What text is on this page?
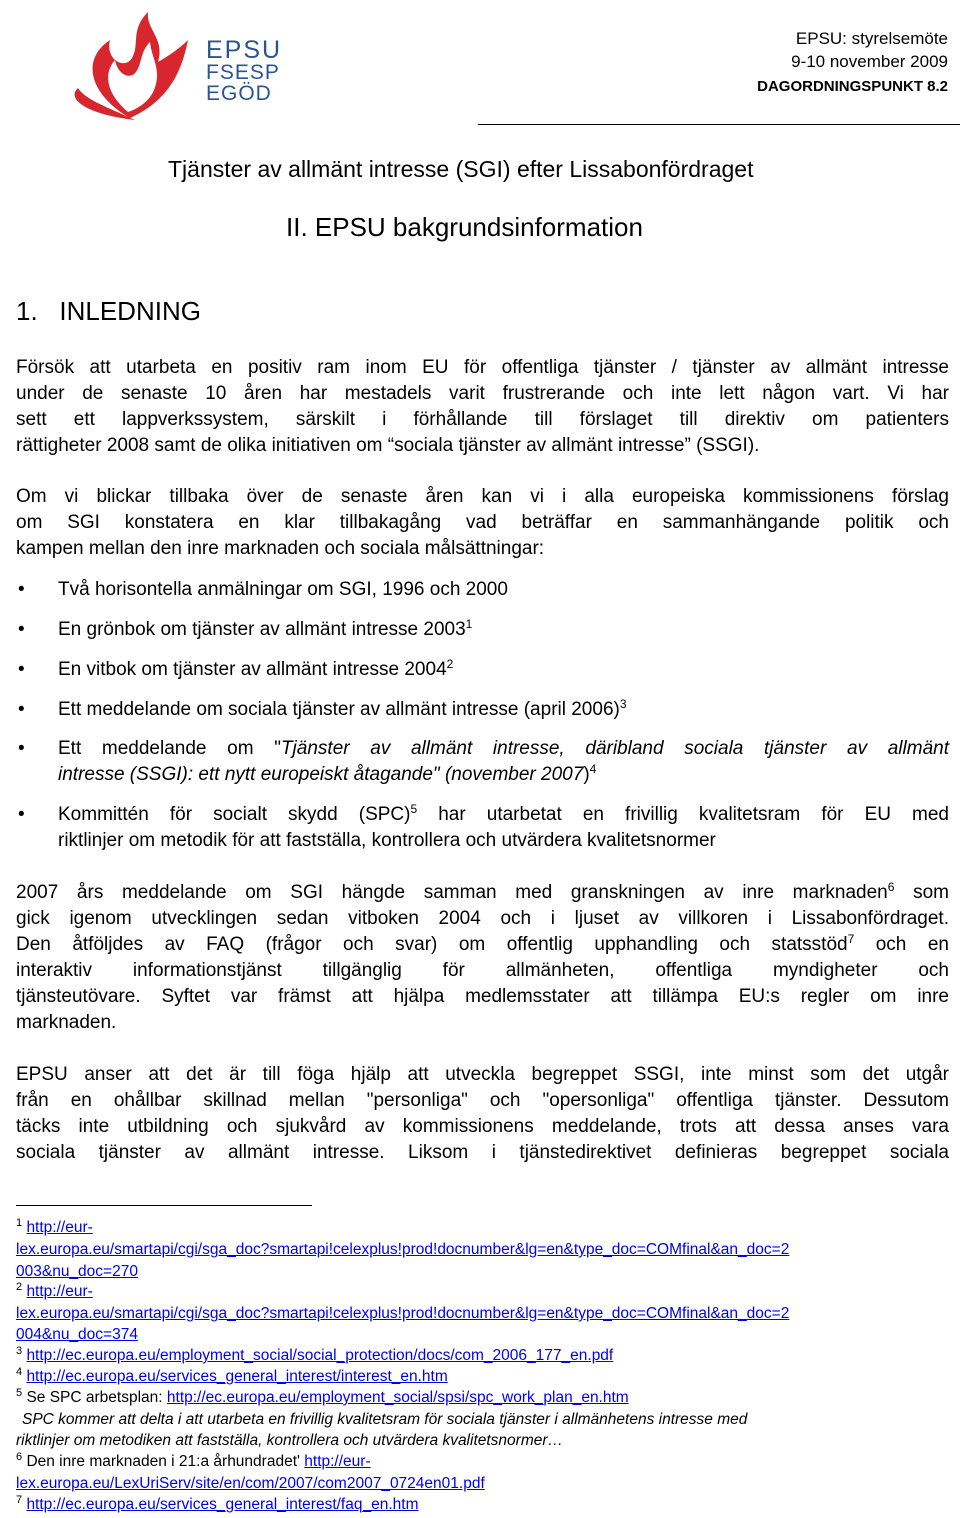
EPSU
FSESP
EGÖD
EPSU: styrelsemöte
9-10 november 2009
DAGORDNINGSPUNKT 8.2
Tjänster av allmänt intresse (SGI) efter Lissabonfördraget
II. EPSU bakgrundsinformation
1. INLEDNING

Försök att utarbeta en positiv ram inom EU för offentliga tjänster / tjänster av allmänt intresse

under de senaste 10 åren har mestadels varit frustrerande och inte lett någon vart. Vi har

sett ett lappverkssystem, särskilt i förhållande till förslaget till direktiv om patienters

rättigheter 2008 samt de olika initiativen om “sociala tjänster av allmänt intresse” (SSGI).

Om vi blickar tillbaka över de senaste åren kan vi i alla europeiska kommissionens förslag

om SGI konstatera en klar tillbakagång vad beträffar en sammanhängande politik och

kampen mellan den inre marknaden och sociala målsättningar:

• Två horisontella anmälningar om SGI, 1996 och 2000
• En grönbok om tjänster av allmänt intresse 2003$^1$
• En vitbok om tjänster av allmänt intresse 2004$^2$
• Ett meddelande om sociala tjänster av allmänt intresse (april 2006)$^3$
• Ett meddelande om "Tjänster av allmänt intresse, däribland sociala tjänster av allmänt
intresse (SSGI): ett nytt europeiskt åtagande" (november 2007)$^4$
• Kommittén för socialt skydd (SPC)$^5$ har utarbetat en frivillig kvalitetsram för EU med
riktlinjer om metodik för att fastställa, kontrollera och utvärdera kvalitetsnormer

2007 års meddelande om SGI hängde samman med granskningen av inre marknaden$^6$ som

gick igenom utvecklingen sedan vitboken 2004 och i ljuset av villkoren i Lissabonfördraget.

Den åtföljdes av FAQ (frågor och svar) om offentlig upphandling och statsstöd$^7$ och en

interaktiv informationstjänst tillgänglig för allmänheten, offentliga myndigheter och

tjänsteutövare. Syftet var främst att hjälpa medlemsstater att tillämpa EU:s regler om inre

marknaden.

EPSU anser att det är till föga hjälp att utveckla begreppet SSGI, inte minst som det utgår

från en ohållbar skillnad mellan "personliga" och "opersonliga" offentliga tjänster. Dessutom

täcks inte utbildning och sjukvård av kommissionens meddelande, trots att dessa anses vara

sociala tjänster av allmänt intresse. Liksom i tjänstedirektivet definieras begreppet sociala

$^1$ http://eur-
lex.europa.eu/smartapi/cgi/sga_doc?smartapi!celexplus!prod!docnumber&lg=en&type_doc=COMfinal&an_doc=2
003&nu_doc=270
$^2$ http://eur-
lex.europa.eu/smartapi/cgi/sga_doc?smartapi!celexplus!prod!docnumber&lg=en&type_doc=COMfinal&an_doc=2
004&nu_doc=374
$^3$ http://ec.europa.eu/employment_social/social_protection/docs/com_2006_177_en.pdf
$^4$ http://ec.europa.eu/services_general_interest/interest_en.htm
$^5$ Se SPC arbetsplan: http://ec.europa.eu/employment_social/spsi/spc_work_plan_en.htm
SPC kommer att delta i att utarbeta en frivillig kvalitetsram för sociala tjänster i allmänhetens intresse med
riktlinjer om metodiken att fastställa, kontrollera och utvärdera kvalitetsnormer…
$^6$ Den inre marknaden i 21:a århundradet' http://eur-
lex.europa.eu/LexUriServ/site/en/com/2007/com2007_0724en01.pdf
$^7$ http://ec.europa.eu/services_general_interest/faq_en.htm
